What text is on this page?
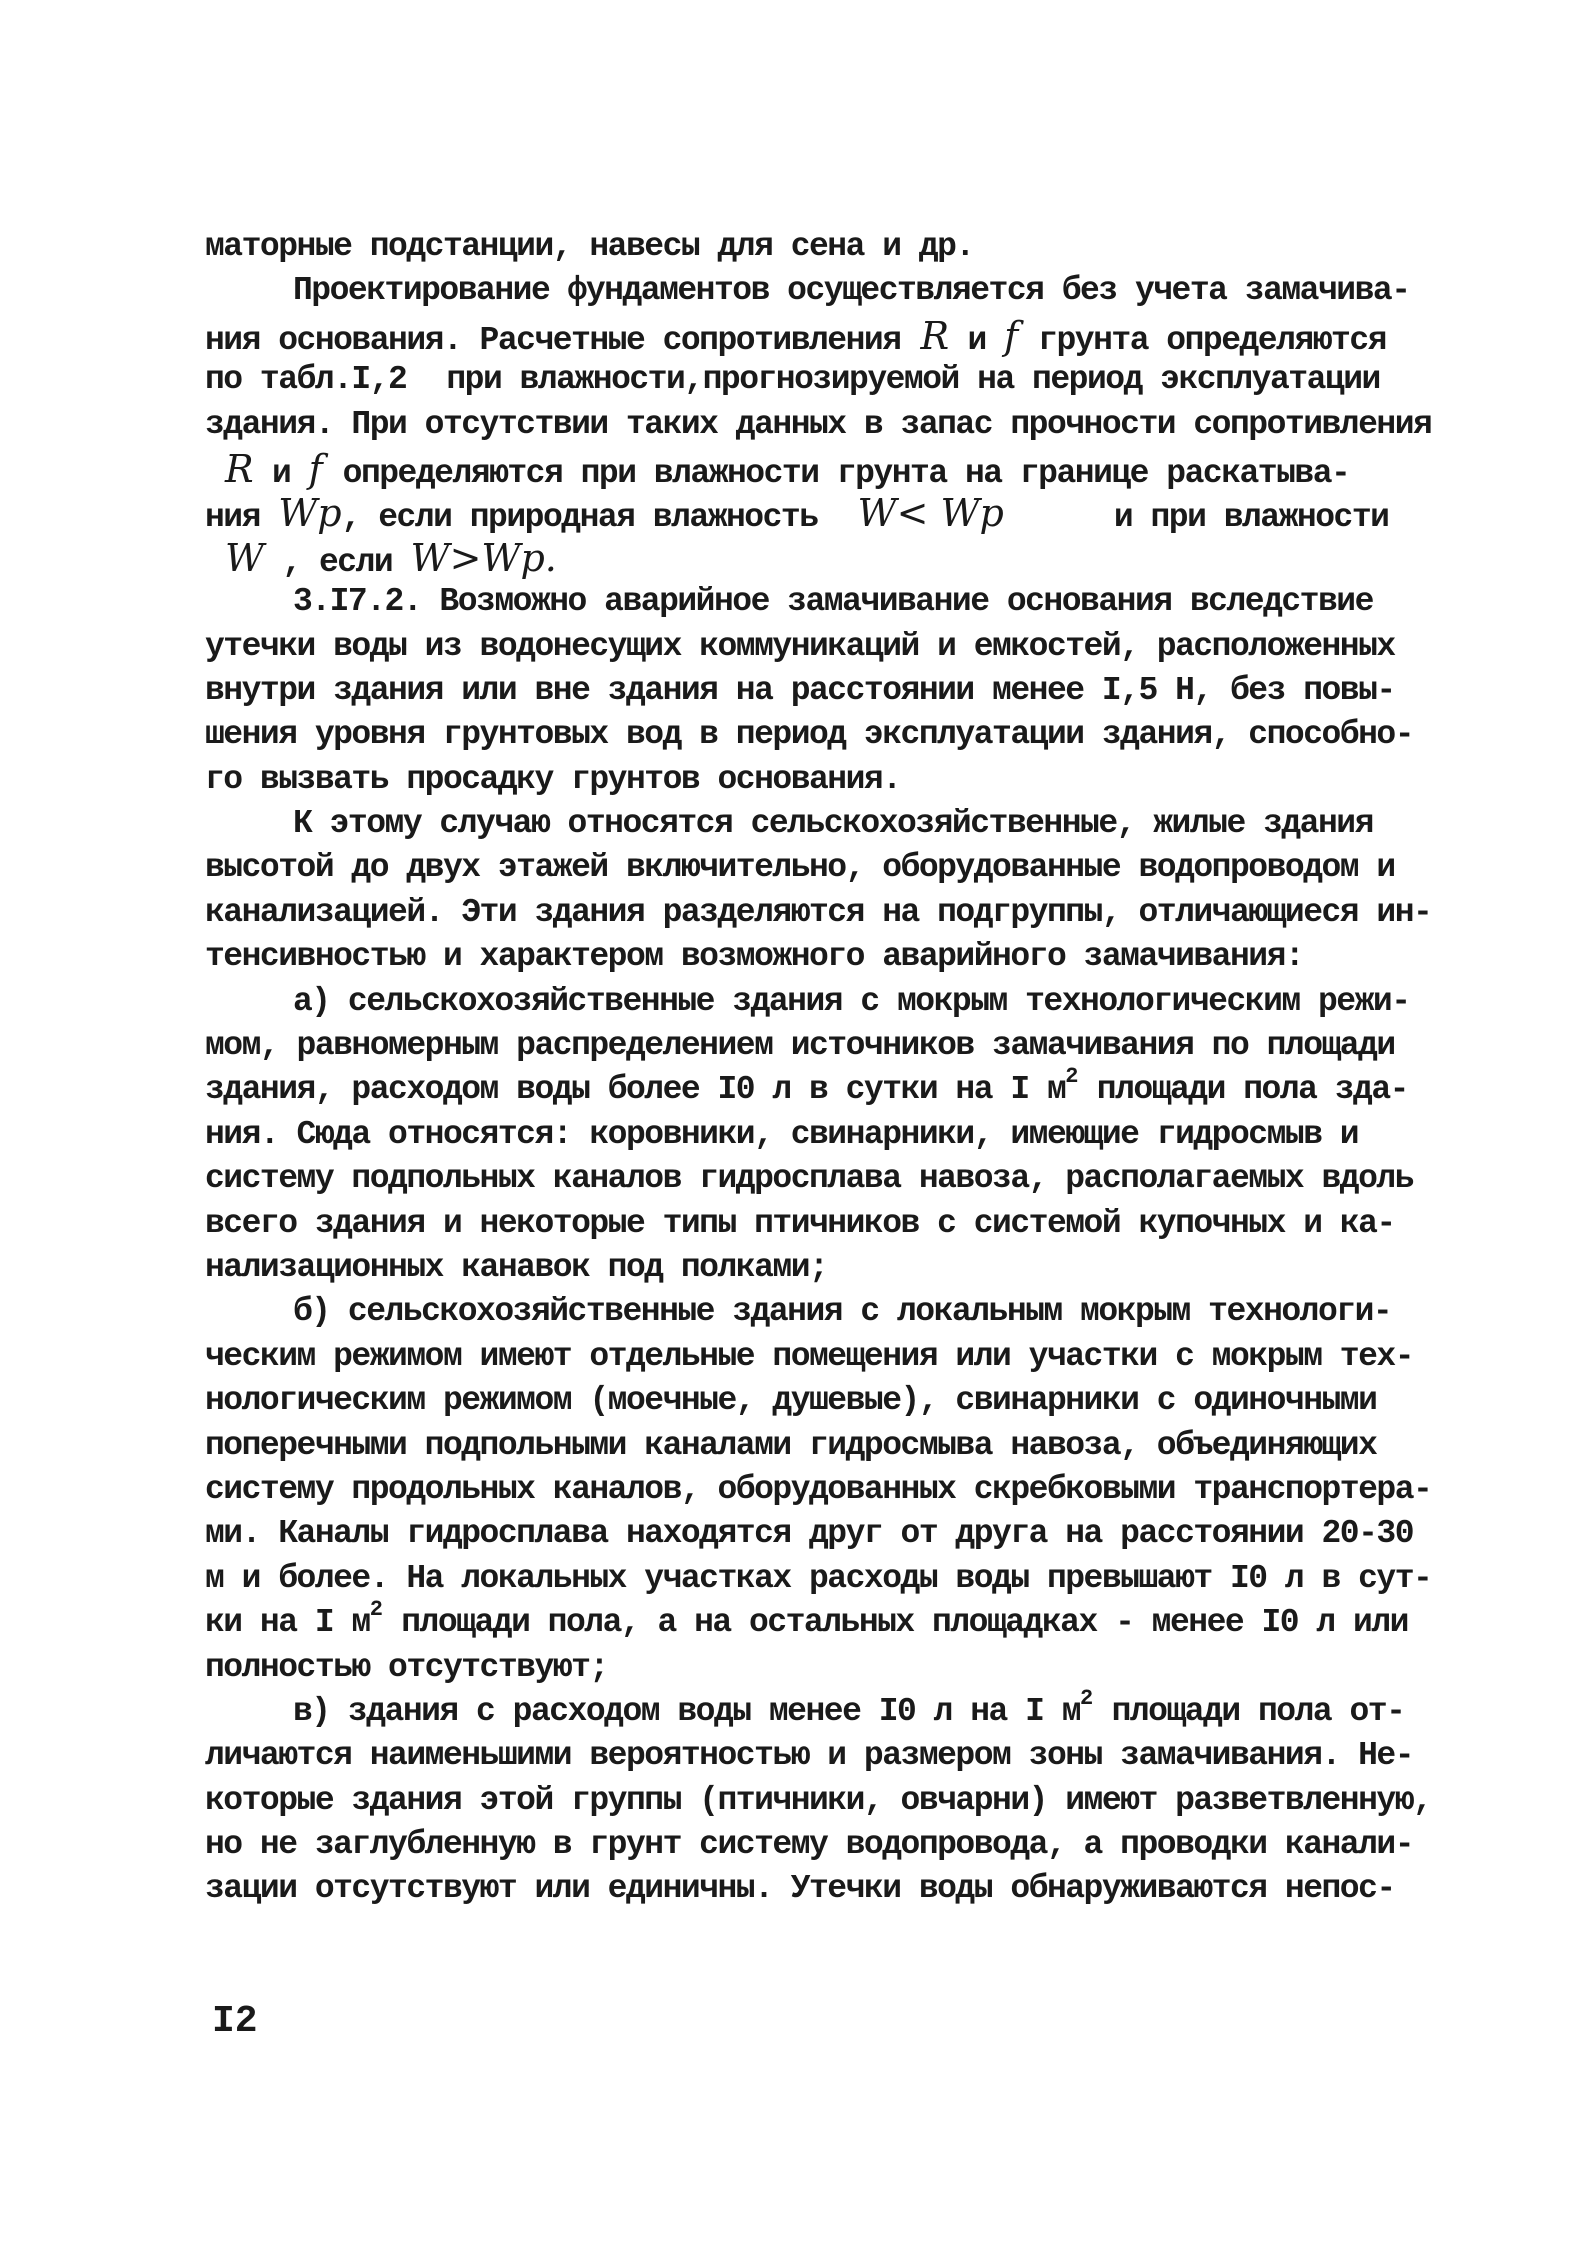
маторные подстанции, навесы для сена и др.
Проектирование фундаментов осуществляется без учета замачива-
ния основания. Расчетные сопротивления R и f грунта определяются
по табл.I,2 при влажности,прогнозируемой на период эксплуатации
здания. При отсутствии таких данных в запас прочности сопротивления
R и f определяются при влажности грунта на границе раскатыва-
ния Wp, если природная влажность W< Wp	и при влажности
W , если W>Wp.
3.I7.2. Возможно аварийное замачивание основания вследствие
утечки воды из водонесущих коммуникаций и емкостей, расположенных
внутри здания или вне здания на расстоянии менее I,5 H, без повы-
шения уровня грунтовых вод в период эксплуатации здания, способно-
го вызвать просадку грунтов основания.
К этому случаю относятся сельскохозяйственные, жилые здания
высотой до двух этажей включительно, оборудованные водопроводом и
канализацией. Эти здания разделяются на подгруппы, отличающиеся ин-
тенсивностью и характером возможного аварийного замачивания:
а) сельскохозяйственные здания с мокрым технологическим режи-
мом, равномерным распределением источников замачивания по площади
здания, расходом воды более I0 л в сутки на I $м^2$ площади пола зда-
ния. Сюда относятся: коровники, свинарники, имеющие гидросмыв и
систему подпольных каналов гидросплава навоза, располагаемых вдоль
всего здания и некоторые типы птичников с системой купочных и ка-
нализационных канавок под полками;
б) сельскохозяйственные здания с локальным мокрым технологи-
ческим режимом имеют отдельные помещения или участки с мокрым тех-
нологическим режимом (моечные, душевые), свинарники с одиночными
поперечными подпольными каналами гидросмыва навоза, объединяющих
систему продольных каналов, оборудованных скребковыми транспортера-
ми. Каналы гидросплава находятся друг от друга на расстоянии 20-30
м и более. На локальных участках расходы воды превышают I0 л в сут-
ки на I $м^2$ площади пола, а на остальных площадках - менее I0 л или
полностью отсутствуют;
в) здания с расходом воды менее I0 л на I $м^2$ площади пола от-
личаются наименьшими вероятностью и размером зоны замачивания. Не-
которые здания этой группы (птичники, овчарни) имеют разветвленную,
но не заглубленную в грунт систему водопровода, а проводки канали-
зации отсутствуют или единичны. Утечки воды обнаруживаются непос-
I2
